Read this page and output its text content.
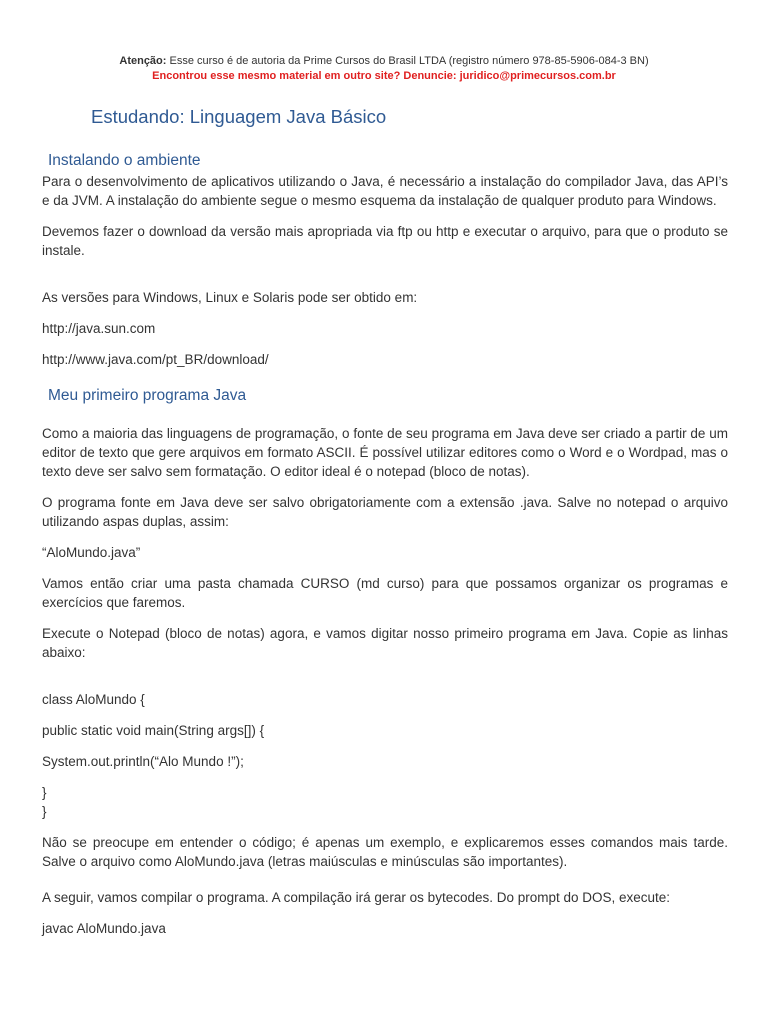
Atenção: Esse curso é de autoria da Prime Cursos do Brasil LTDA (registro número 978-85-5906-084-3 BN)
Encontrou esse mesmo material em outro site? Denuncie: juridico@primecursos.com.br
Estudando: Linguagem Java Básico
Instalando o ambiente

Para o desenvolvimento de aplicativos utilizando o Java, é necessário a instalação do compilador Java, das API’s e da JVM. A instalação do ambiente segue o mesmo esquema da instalação de qualquer produto para Windows.

Devemos fazer o download da versão mais apropriada via ftp ou http e executar o arquivo, para que o produto se instale.

As versões para Windows, Linux e Solaris pode ser obtido em:

http://java.sun.com

http://www.java.com/pt_BR/download/

Meu primeiro programa Java

Como a maioria das linguagens de programação, o fonte de seu programa em Java deve ser criado a partir de um editor de texto que gere arquivos em formato ASCII. É possível utilizar editores como o Word e o Wordpad, mas o texto deve ser salvo sem formatação. O editor ideal é o notepad (bloco de notas).

O programa fonte em Java deve ser salvo obrigatoriamente com a extensão .java. Salve no notepad o arquivo utilizando aspas duplas, assim:

“AloMundo.java”

Vamos então criar uma pasta chamada CURSO (md curso) para que possamos organizar os programas e exercícios que faremos.

Execute o Notepad (bloco de notas) agora, e vamos digitar nosso primeiro programa em Java. Copie as linhas abaixo:

class AloMundo {

public static void main(String args[]) {

System.out.println(“Alo Mundo !”);

}

}

Não se preocupe em entender o código; é apenas um exemplo, e explicaremos esses comandos mais tarde. Salve o arquivo como AloMundo.java (letras maiúsculas e minúsculas são importantes).

A seguir, vamos compilar o programa. A compilação irá gerar os bytecodes. Do prompt do DOS, execute:

javac AloMundo.java
